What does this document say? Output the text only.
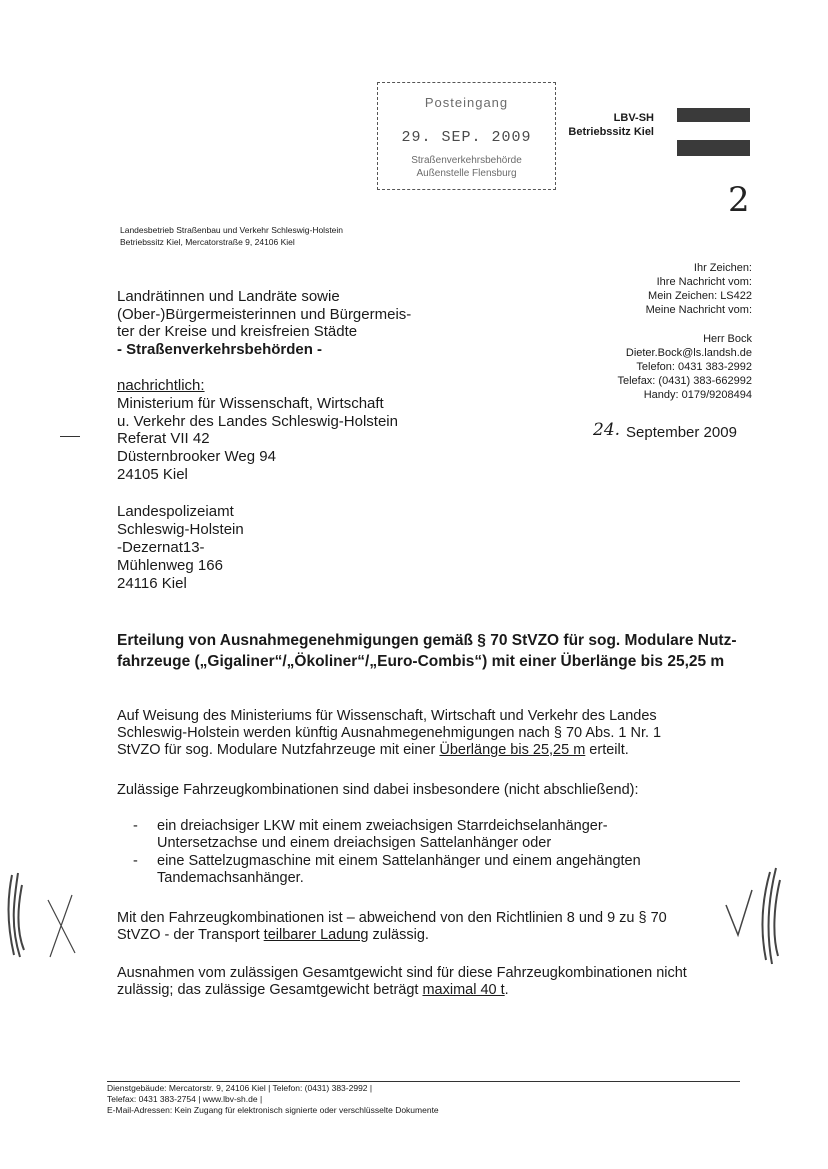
Posteingang
29. SEP. 2009
Straßenverkehrsbehörde
Außenstelle Flensburg
LBV-SH
Betriebssitz Kiel
2
Landesbetrieb Straßenbau und Verkehr Schleswig-Holstein
Betriebssitz Kiel, Mercatorstraße 9, 24106 Kiel
Landrätinnen und Landräte sowie
(Ober-)Bürgermeisterinnen und Bürgermeis-
ter der Kreise und kreisfreien Städte
- Straßenverkehrsbehörden -
nachrichtlich:
Ministerium für Wissenschaft, Wirtschaft
u. Verkehr des Landes Schleswig-Holstein
Referat VII 42
Düsternbrooker Weg 94
24105 Kiel
Landespolizeiamt
Schleswig-Holstein
-Dezernat13-
Mühlenweg 166
24116 Kiel
Ihr Zeichen:
Ihre Nachricht vom:
Mein Zeichen: LS422
Meine Nachricht vom:
Herr Bock
Dieter.Bock@ls.landsh.de
Telefon: 0431 383-2992
Telefax: (0431) 383-662992
Handy: 0179/9208494
24. September 2009
Erteilung von Ausnahmegenehmigungen gemäß § 70 StVZO für sog. Modulare Nutz-
fahrzeuge („Gigaliner“/„Ökoliner“/„Euro-Combis“) mit einer Überlänge bis 25,25 m
Auf Weisung des Ministeriums für Wissenschaft, Wirtschaft und Verkehr des Landes
Schleswig-Holstein werden künftig Ausnahmegenehmigungen nach § 70 Abs. 1 Nr. 1
StVZO für sog. Modulare Nutzfahrzeuge mit einer Überlänge bis 25,25 m erteilt.
Zulässige Fahrzeugkombinationen sind dabei insbesondere (nicht abschließend):
- ein dreiachsiger LKW mit einem zweiachsigen Starrdeichselanhänger-
Untersetzachse und einem dreiachsigen Sattelanhänger oder
- eine Sattelzugmaschine mit einem Sattelanhänger und einem angehängten
Tandemachsanhänger.
Mit den Fahrzeugkombinationen ist – abweichend von den Richtlinien 8 und 9 zu § 70
StVZO - der Transport teilbarer Ladung zulässig.
Ausnahmen vom zulässigen Gesamtgewicht sind für diese Fahrzeugkombinationen nicht
zulässig; das zulässige Gesamtgewicht beträgt maximal 40 t.
Dienstgebäude: Mercatorstr. 9, 24106 Kiel | Telefon: (0431) 383-2992 |
Telefax: 0431 383-2754 | www.lbv-sh.de |
E-Mail-Adressen: Kein Zugang für elektronisch signierte oder verschlüsselte Dokumente
